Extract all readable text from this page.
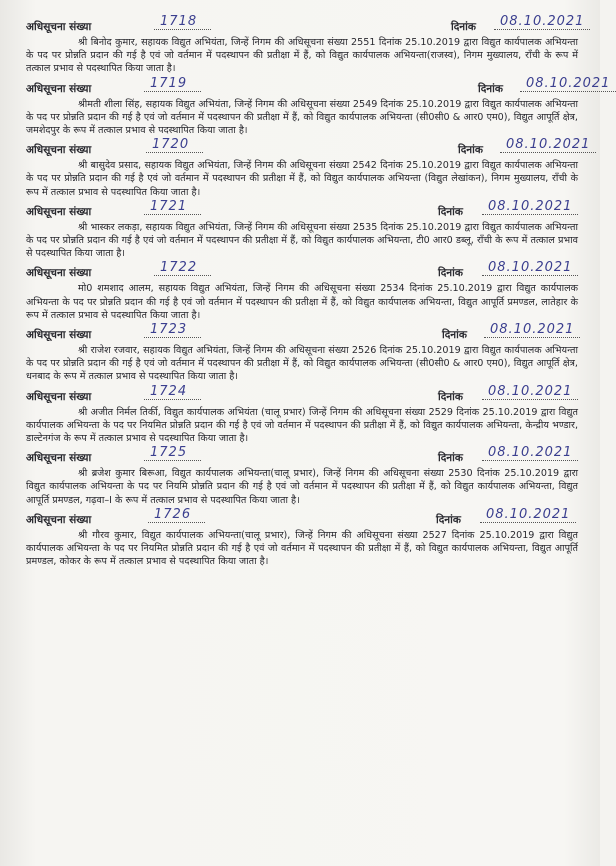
अधिसूचना संख्या	1718	दिनांक	08.10.2021

श्री बिनोद कुमार, सहायक विद्युत अभियंता, जिन्हें निगम की अधिसूचना संख्या 2551 दिनांक 25.10.2019 द्वारा विद्युत कार्यपालक अभियन्ता के पद पर प्रोन्नति प्रदान की गई है एवं जो वर्तमान में पदस्थापन की प्रतीक्षा में हैं, को विद्युत कार्यपालक अभियन्ता(राजस्व), निगम मुख्यालय, राँची के रूप में तत्काल प्रभाव से पदस्थापित किया जाता है।

अधिसूचना संख्या	1719	दिनांक	08.10.2021

श्रीमती शीला सिंह, सहायक विद्युत अभियंता, जिन्हें निगम की अधिसूचना संख्या 2549 दिनांक 25.10.2019 द्वारा विद्युत कार्यपालक अभियन्ता के पद पर प्रोन्नति प्रदान की गई है एवं जो वर्तमान में पदस्थापन की प्रतीक्षा में हैं, को विद्युत कार्यपालक अभियन्ता (सी0सी0 & आर0 एम0), विद्युत आपूर्ति क्षेत्र, जमशेदपुर के रूप में तत्काल प्रभाव से पदस्थापित किया जाता है।

अधिसूचना संख्या	1720	दिनांक	08.10.2021

श्री बासुदेव प्रसाद, सहायक विद्युत अभियंता, जिन्हें निगम की अधिसूचना संख्या 2542 दिनांक 25.10.2019 द्वारा विद्युत कार्यपालक अभियन्ता के पद पर प्रोन्नति प्रदान की गई है एवं जो वर्तमान में पदस्थापन की प्रतीक्षा में हैं, को विद्युत कार्यपालक अभियन्ता (विद्युत लेखांकन), निगम मुख्यालय, राँची के रूप में तत्काल प्रभाव से पदस्थापित किया जाता है।

अधिसूचना संख्या	1721	दिनांक	08.10.2021

श्री भास्कर लकड़ा, सहायक विद्युत अभियंता, जिन्हें निगम की अधिसूचना संख्या 2535 दिनांक 25.10.2019 द्वारा विद्युत कार्यपालक अभियन्ता के पद पर प्रोन्नति प्रदान की गई है एवं जो वर्तमान में पदस्थापन की प्रतीक्षा में हैं, को विद्युत कार्यपालक अभियन्ता, टी0 आर0 डब्लू, राँची के रूप में तत्काल प्रभाव से पदस्थापित किया जाता है।

अधिसूचना संख्या	1722	दिनांक	08.10.2021

मो0 शमशाद आलम, सहायक विद्युत अभियंता, जिन्हें निगम की अधिसूचना संख्या 2534 दिनांक 25.10.2019 द्वारा विद्युत कार्यपालक अभियन्ता के पद पर प्रोन्नति प्रदान की गई है एवं जो वर्तमान में पदस्थापन की प्रतीक्षा में हैं, को विद्युत कार्यपालक अभियन्ता, विद्युत आपूर्ति प्रमण्डल, लातेहार के रूप में तत्काल प्रभाव से पदस्थापित किया जाता है।

अधिसूचना संख्या	1723	दिनांक	08.10.2021

श्री राजेश रजवार, सहायक विद्युत अभियंता, जिन्हें निगम की अधिसूचना संख्या 2526 दिनांक 25.10.2019 द्वारा विद्युत कार्यपालक अभियन्ता के पद पर प्रोन्नति प्रदान की गई है एवं जो वर्तमान में पदस्थापन की प्रतीक्षा में हैं, को विद्युत कार्यपालक अभियन्ता (सी0सी0 & आर0 एम0), विद्युत आपूर्ति क्षेत्र, धनबाद के रूप में तत्काल प्रभाव से पदस्थापित किया जाता है।

अधिसूचना संख्या	1724	दिनांक	08.10.2021

श्री अजीत निर्मल तिर्की, विद्युत कार्यपालक अभियंता (चालू प्रभार) जिन्हें निगम की अधिसूचना संख्या 2529 दिनांक 25.10.2019 द्वारा विद्युत कार्यपालक अभियन्ता के पद पर नियमित प्रोन्नति प्रदान की गई है एवं जो वर्तमान में पदस्थापन की प्रतीक्षा में हैं, को विद्युत कार्यपालक अभियन्ता, केन्द्रीय भण्डार, डाल्टेनगंज के रूप में तत्काल प्रभाव से पदस्थापित किया जाता है।

अधिसूचना संख्या	1725	दिनांक	08.10.2021

श्री ब्रजेश कुमार बिरूआ, विद्युत कार्यपालक अभियन्ता(चालू प्रभार), जिन्हें निगम की अधिसूचना संख्या 2530 दिनांक 25.10.2019 द्वारा विद्युत कार्यपालक अभियन्ता के पद पर नियमि प्रोन्नति प्रदान की गई है एवं जो वर्तमान में पदस्थापन की प्रतीक्षा में हैं, को विद्युत कार्यपालक अभियन्ता, विद्युत आपूर्ति प्रमण्डल, गढ़वा–I के रूप में तत्काल प्रभाव से पदस्थापित किया जाता है।

अधिसूचना संख्या	1726	दिनांक	08.10.2021

श्री गौरव कुमार, विद्युत कार्यपालक अभियन्ता(चालू प्रभार), जिन्हें निगम की अधिसूचना संख्या 2527 दिनांक 25.10.2019 द्वारा विद्युत कार्यपालक अभियन्ता के पद पर नियमित प्रोन्नति प्रदान की गई है एवं जो वर्तमान में पदस्थापन की प्रतीक्षा में हैं, को विद्युत कार्यपालक अभियन्ता, विद्युत आपूर्ति प्रमण्डल, कोकर के रूप में तत्काल प्रभाव से पदस्थापित किया जाता है।
